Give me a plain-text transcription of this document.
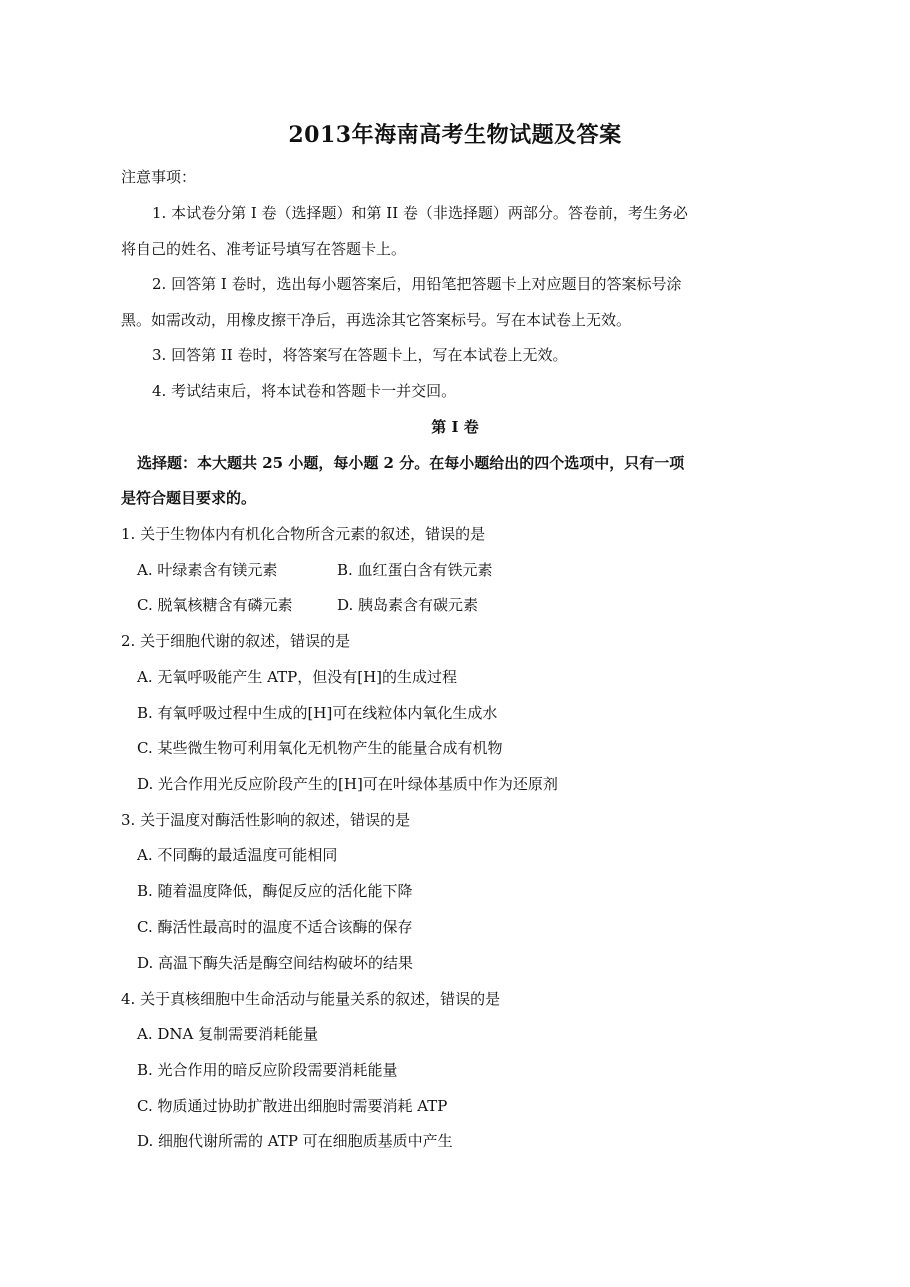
2013年海南高考生物试题及答案
注意事项：
1. 本试卷分第 I 卷（选择题）和第 II 卷（非选择题）两部分。答卷前，考生务必
将自己的姓名、准考证号填写在答题卡上。
2. 回答第 I 卷时，选出每小题答案后，用铅笔把答题卡上对应题目的答案标号涂
黑。如需改动，用橡皮擦干净后，再选涂其它答案标号。写在本试卷上无效。
3. 回答第 II 卷时，将答案写在答题卡上，写在本试卷上无效。
4. 考试结束后，将本试卷和答题卡一并交回。
第 I 卷
选择题：本大题共 25 小题，每小题 2 分。在每小题给出的四个选项中，只有一项
是符合题目要求的。
1. 关于生物体内有机化合物所含元素的叙述，错误的是
A. 叶绿素含有镁元素	B. 血红蛋白含有铁元素
C. 脱氧核糖含有磷元素	D. 胰岛素含有碳元素
2. 关于细胞代谢的叙述，错误的是
A. 无氧呼吸能产生 ATP，但没有[H]的生成过程
B. 有氧呼吸过程中生成的[H]可在线粒体内氧化生成水
C. 某些微生物可利用氧化无机物产生的能量合成有机物
D. 光合作用光反应阶段产生的[H]可在叶绿体基质中作为还原剂
3. 关于温度对酶活性影响的叙述，错误的是
A. 不同酶的最适温度可能相同
B. 随着温度降低，酶促反应的活化能下降
C. 酶活性最高时的温度不适合该酶的保存
D. 高温下酶失活是酶空间结构破坏的结果
4. 关于真核细胞中生命活动与能量关系的叙述，错误的是
A. DNA 复制需要消耗能量
B. 光合作用的暗反应阶段需要消耗能量
C. 物质通过协助扩散进出细胞时需要消耗 ATP
D. 细胞代谢所需的 ATP 可在细胞质基质中产生
